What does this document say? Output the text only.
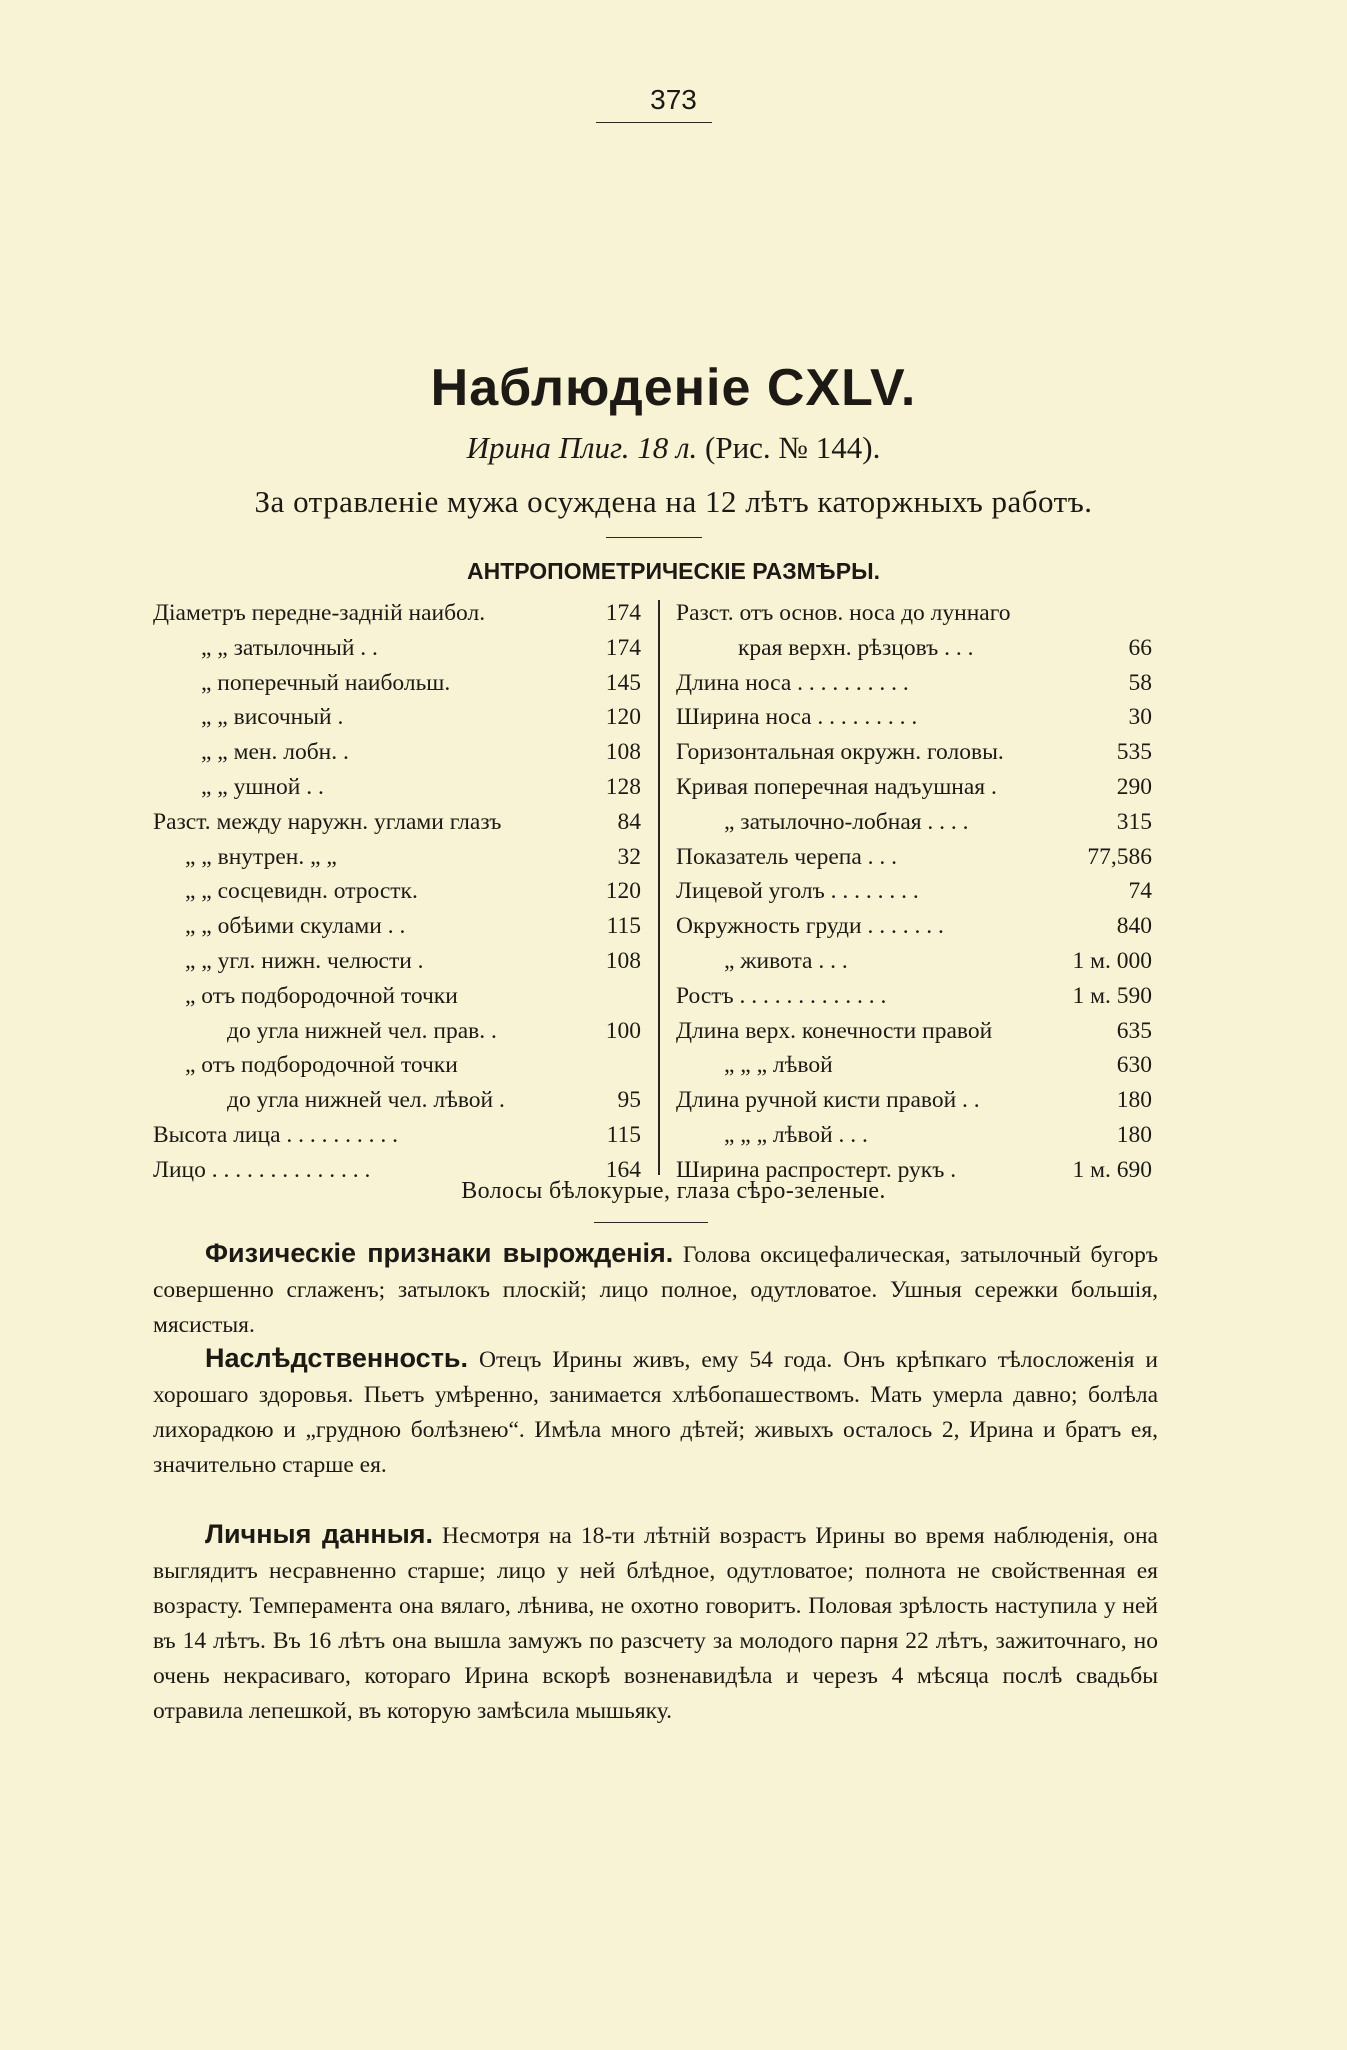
373
Наблюденіе CXLV.
Ирина Плиг. 18 л. (Рис. № 144).
За отравленіе мужа осуждена на 12 лѣтъ каторжныхъ работъ.
АНТРОПОМЕТРИЧЕСКІЕ РАЗМѢРЫ.
Діаметръ передне-задній наибол.	174
„ „ затылочный . .	174
„ поперечный наибольш.	145
„ „ височный .	120
„ „ мен. лобн. .	108
„ „ ушной . .	128
Разст. между наружн. углами глазъ	84
„ „ внутрен. „ „	32
„ „ сосцевидн. отростк.	120
„ „ обѣими скулами . .	115
„ „ угл. нижн. челюсти .	108
„ отъ подбородочной точки
до угла нижней чел. прав. .	100
„ отъ подбородочной точки
до угла нижней чел. лѣвой .	95
Высота лица . . . . . . . . . .	115
Лицо . . . . . . . . . . . . . .	164
Разст. отъ основ. носа до луннаго
края верхн. рѣзцовъ . . .	66
Длина носа . . . . . . . . . .	58
Ширина носа . . . . . . . . .	30
Горизонтальная окружн. головы.	535
Кривая поперечная надъушная .	290
„ затылочно-лобная . . . .	315
Показатель черепа . . .	77,586
Лицевой уголъ . . . . . . . .	74
Окружность груди . . . . . . .	840
„ живота . . .	1 м. 000
Ростъ . . . . . . . . . . . . .	1 м. 590
Длина верх. конечности правой	635
„ „ „ лѣвой	630
Длина ручной кисти правой . .	180
„ „ „ лѣвой . . .	180
Ширина распростерт. рукъ .	1 м. 690
Волосы бѣлокурые, глаза сѣро-зеленые.
Физическіе признаки вырожденія. Голова оксицефалическая, затылочный бугоръ совершенно сглаженъ; затылокъ плоскій; лицо полное, одутловатое. Ушныя сережки большія, мясистыя.
Наслѣдственность. Отецъ Ирины живъ, ему 54 года. Онъ крѣпкаго тѣлосложенія и хорошаго здоровья. Пьетъ умѣренно, занимается хлѣбопашествомъ. Мать умерла давно; болѣла лихорадкою и „грудною болѣзнею“. Имѣла много дѣтей; живыхъ осталось 2, Ирина и братъ ея, значительно старше ея.
Личныя данныя. Несмотря на 18-ти лѣтній возрастъ Ирины во время наблюденія, она выглядитъ несравненно старше; лицо у ней блѣдное, одутловатое; полнота не свойственная ея возрасту. Темперамента она вялаго, лѣнива, не охотно говоритъ. Половая зрѣлость наступила у ней въ 14 лѣтъ. Въ 16 лѣтъ она вышла замужъ по разсчету за молодого парня 22 лѣтъ, зажиточнаго, но очень некрасиваго, котораго Ирина вскорѣ возненавидѣла и черезъ 4 мѣсяца послѣ свадьбы отравила лепешкой, въ которую замѣсила мышьяку.
